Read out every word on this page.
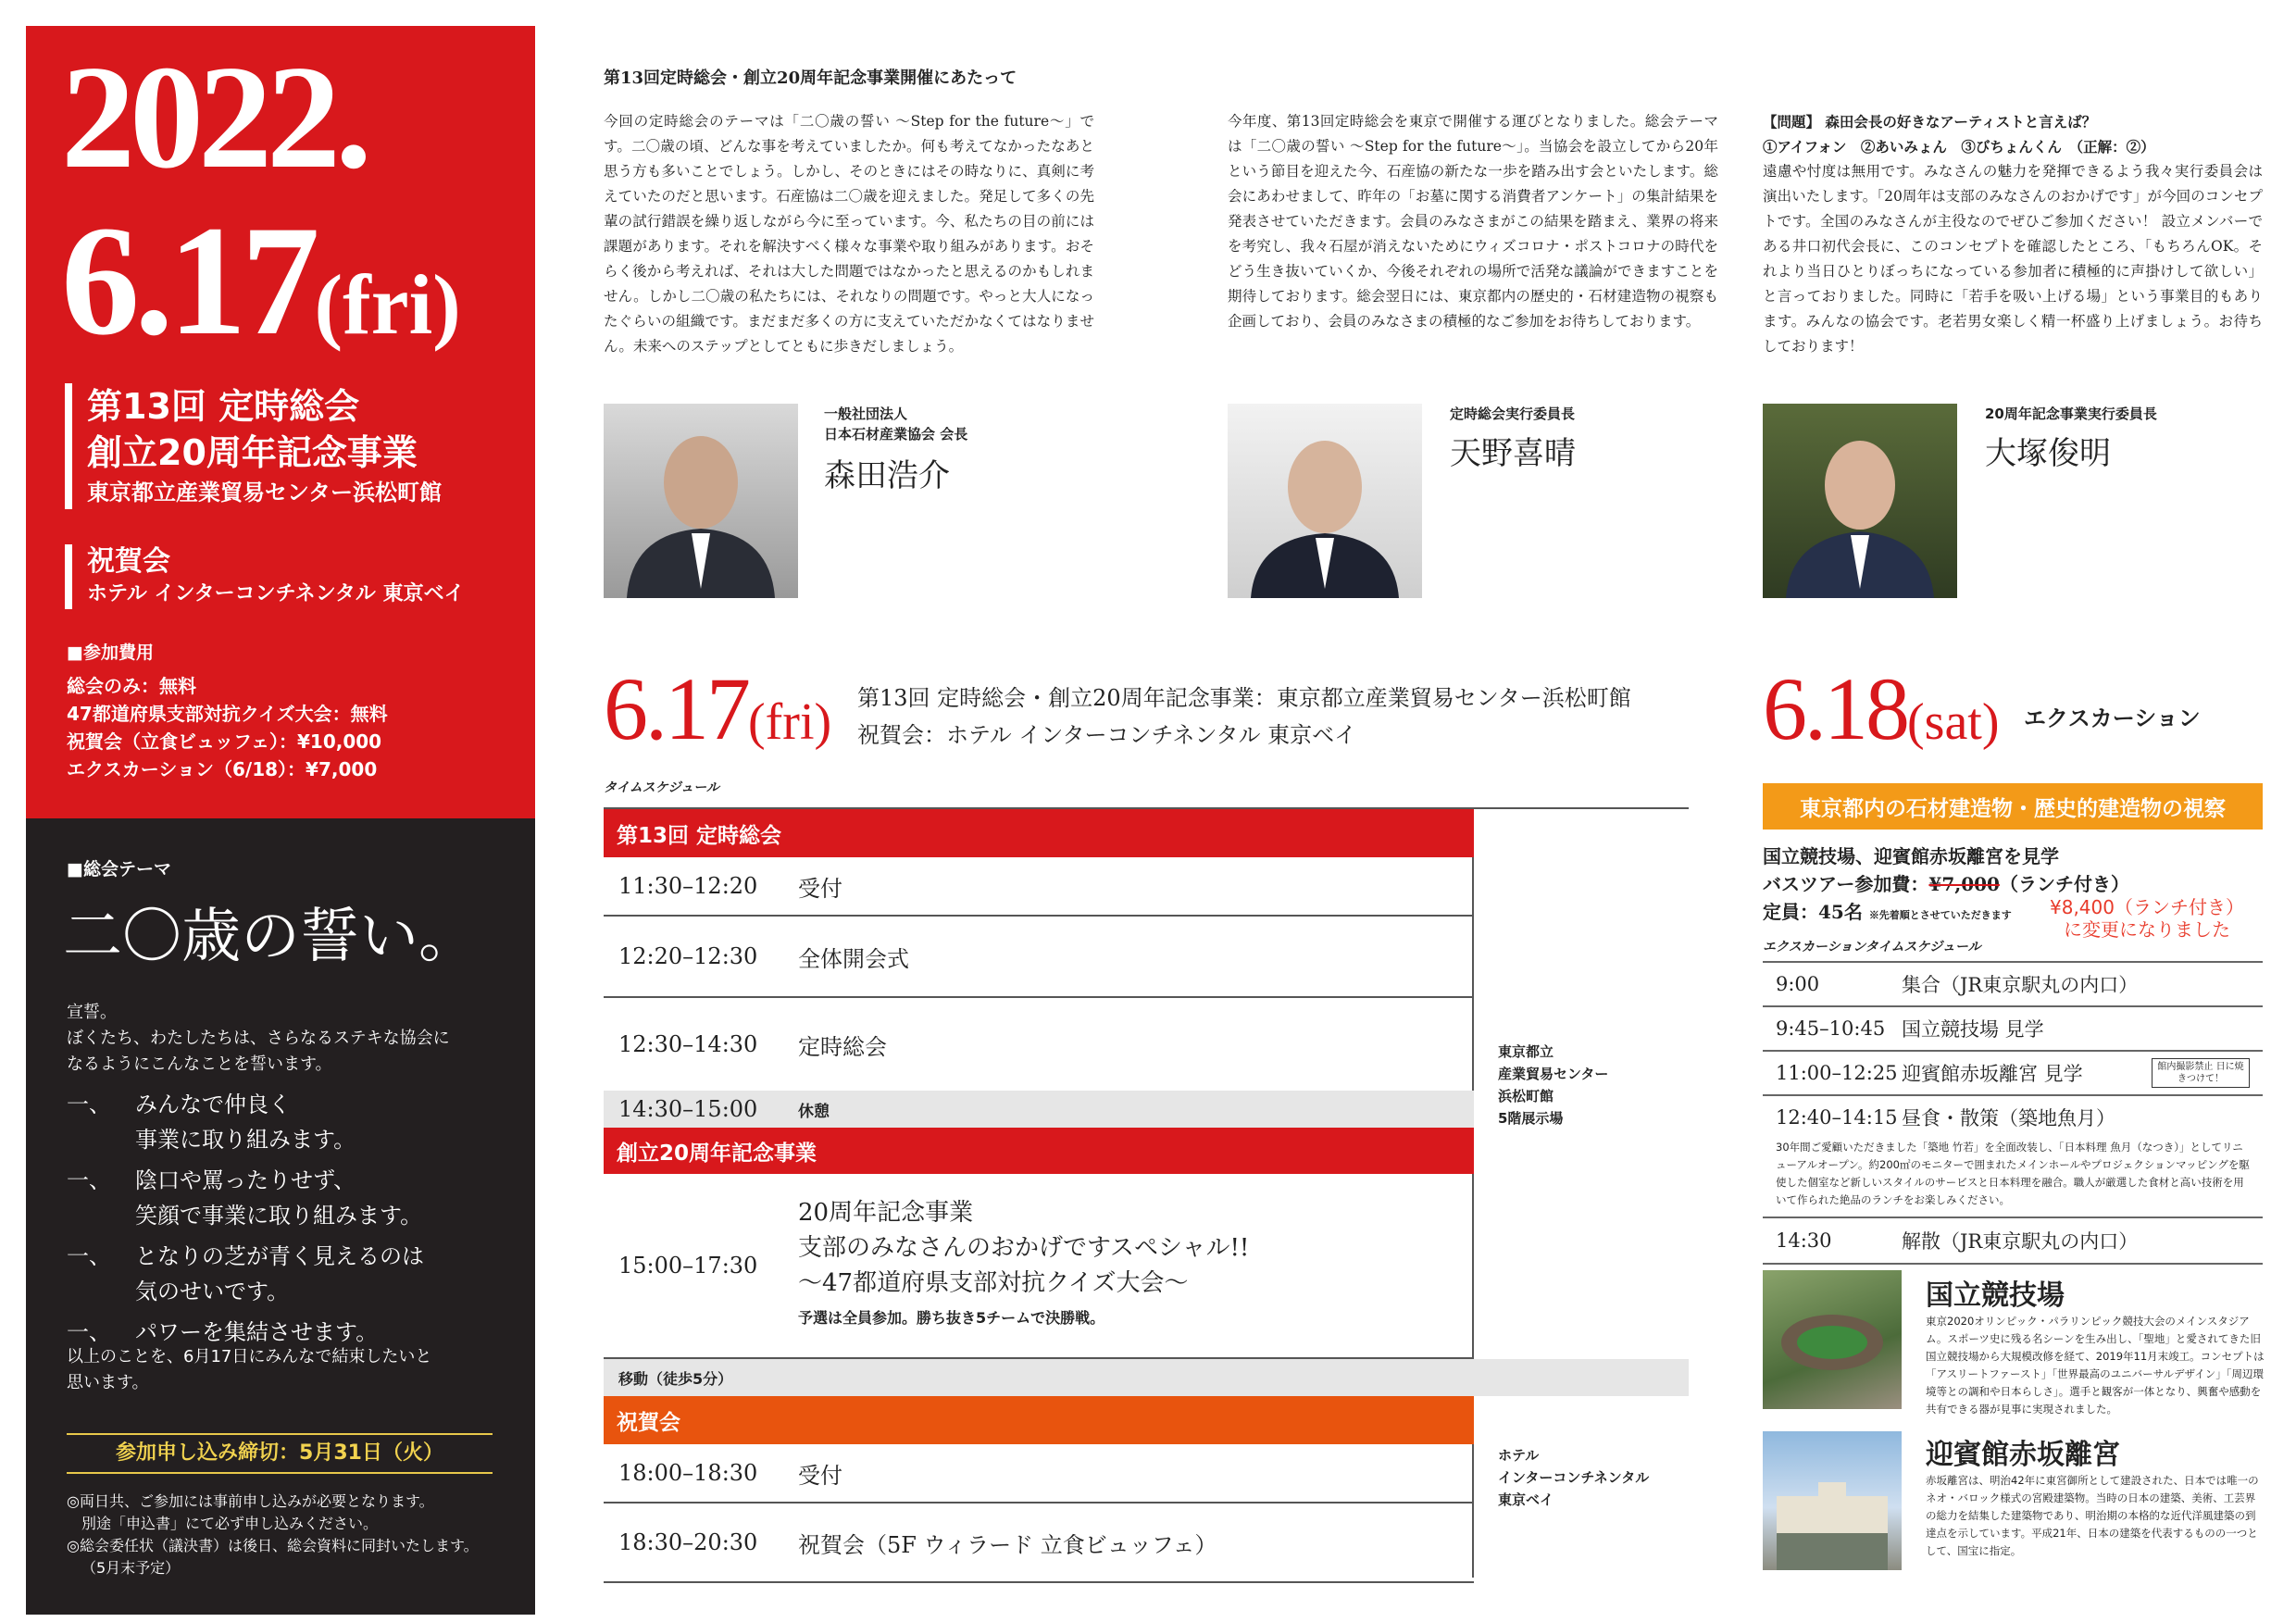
2022.
6.17(fri)
第13回 定時総会
創立20周年記念事業
東京都立産業貿易センター浜松町館
祝賀会
ホテル インターコンチネンタル 東京ベイ
■参加費用
総会のみ：無料
47都道府県支部対抗クイズ大会：無料
祝賀会（立食ビュッフェ）：¥10,000
エクスカーション（6/18）：¥7,000
■総会テーマ
二〇歳の誓い。
宣誓。
ぼくたち、わたしたちは、さらなるステキな協会に
なるようにこんなことを誓います。
一、	みんなで仲良く
事業に取り組みます。
一、	陰口や罵ったりせず、
笑顔で事業に取り組みます。
一、	となりの芝が青く見えるのは
気のせいです。
一、	パワーを集結させます。
以上のことを、6月17日にみんなで結束したいと
思います。
参加申し込み締切：5月31日（火）
◎両日共、ご参加には事前申し込みが必要となります。
別途「申込書」にて必ず申し込みください。
◎総会委任状（議決書）は後日、総会資料に同封いたします。
（5月末予定）
第13回定時総会・創立20周年記念事業開催にあたって
今回の定時総会のテーマは「二〇歳の誓い ～Step for the future～」です。二〇歳の頃、どんな事を考えていましたか。何も考えてなかったなあと思う方も多いことでしょう。しかし、そのときにはその時なりに、真剣に考えていたのだと思います。石産協は二〇歳を迎えました。発足して多くの先輩の試行錯誤を繰り返しながら今に至っています。今、私たちの目の前には課題があります。それを解決すべく様々な事業や取り組みがあります。おそらく後から考えれば、それは大した問題ではなかったと思えるのかもしれません。しかし二〇歳の私たちには、それなりの問題です。やっと大人になったぐらいの組織です。まだまだ多くの方に支えていただかなくてはなりません。未来へのステップとしてともに歩きだしましょう。
今年度、第13回定時総会を東京で開催する運びとなりました。総会テーマは「二〇歳の誓い ～Step for the future～」。当協会を設立してから20年という節目を迎えた今、石産協の新たな一歩を踏み出す会といたします。総会にあわせまして、昨年の「お墓に関する消費者アンケート」の集計結果を発表させていただきます。会員のみなさまがこの結果を踏まえ、業界の将来を考究し、我々石屋が消えないためにウィズコロナ・ポストコロナの時代をどう生き抜いていくか、今後それぞれの場所で活発な議論ができますことを期待しております。総会翌日には、東京都内の歴史的・石材建造物の視察も企画しており、会員のみなさまの積極的なご参加をお待ちしております。
【問題】 森田会長の好きなアーティストと言えば？
①アイフォン　②あいみょん　③びちょんくん　（正解：②）
遠慮や忖度は無用です。みなさんの魅力を発揮できるよう我々実行委員会は演出いたします。「20周年は支部のみなさんのおかげです」が今回のコンセプトです。全国のみなさんが主役なのでぜひご参加ください！ 設立メンバーである井口初代会長に、このコンセプトを確認したところ、「もちろんOK。それより当日ひとりぼっちになっている参加者に積極的に声掛けして欲しい」と言っておりました。同時に「若手を吸い上げる場」という事業目的もあります。みんなの協会です。老若男女楽しく精一杯盛り上げましょう。お待ちしております！
一般社団法人
日本石材産業協会 会長
森田浩介
定時総会実行委員長
天野喜晴
20周年記念事業実行委員長
大塚俊明
6.17(fri) 第13回 定時総会・創立20周年記念事業：東京都立産業貿易センター浜松町館
祝賀会：ホテル インターコンチネンタル 東京ベイ
タイムスケジュール
第13回 定時総会
11:30–12:20	受付
12:20–12:30	全体開会式
12:30–14:30	定時総会
14:30–15:00	休憩
創立20周年記念事業
15:00–17:30
20周年記念事業
支部のみなさんのおかげですスペシャル!!
～47都道府県支部対抗クイズ大会～
予選は全員参加。勝ち抜き5チームで決勝戦。
移動（徒歩5分）
祝賀会
18:00–18:30	受付
18:30–20:30	祝賀会（5F ウィラード 立食ビュッフェ）
東京都立
産業貿易センター
浜松町館
5階展示場
ホテル
インターコンチネンタル
東京ベイ
6.18(sat) エクスカーション
東京都内の石材建造物・歴史的建造物の視察
国立競技場、迎賓館赤坂離宮を見学
バスツアー参加費：¥7,000（ランチ付き）
定員：45名 ※先着順とさせていただきます	¥8,400（ランチ付き）
に変更になりました
エクスカーションタイムスケジュール
9:00	集合（JR東京駅丸の内口）
9:45–10:45 国立競技場 見学
11:00–12:25 迎賓館赤坂離宮 見学	館内撮影禁止 日に焼きつけて！
12:40–14:15 昼食・散策（築地魚月）
30年間ご愛顧いただきました「築地 竹若」を全面改装し、「日本料理 魚月（なつき）」としてリニューアルオープン。約200㎡のモニターで囲まれたメインホールやプロジェクションマッピングを駆使した個室など新しいスタイルのサービスと日本料理を融合。職人が厳選した食材と高い技術を用いて作られた絶品のランチをお楽しみください。
14:30	解散（JR東京駅丸の内口）
国立競技場
東京2020オリンピック・パラリンピック競技大会のメインスタジアム。スポーツ史に残る名シーンを生み出し、「聖地」と愛されてきた旧国立競技場から大規模改修を経て、2019年11月末竣工。コンセプトは「アスリートファースト」「世界最高のユニバーサルデザイン」「周辺環境等との調和や日本らしさ」。選手と観客が一体となり、興奮や感動を共有できる器が見事に実現されました。
迎賓館赤坂離宮
赤坂離宮は、明治42年に東宮御所として建設された、日本では唯一のネオ・バロック様式の宮殿建築物。当時の日本の建築、美術、工芸界の総力を結集した建築物であり、明治期の本格的な近代洋風建築の到達点を示しています。平成21年、日本の建築を代表するものの一つとして、国宝に指定。
